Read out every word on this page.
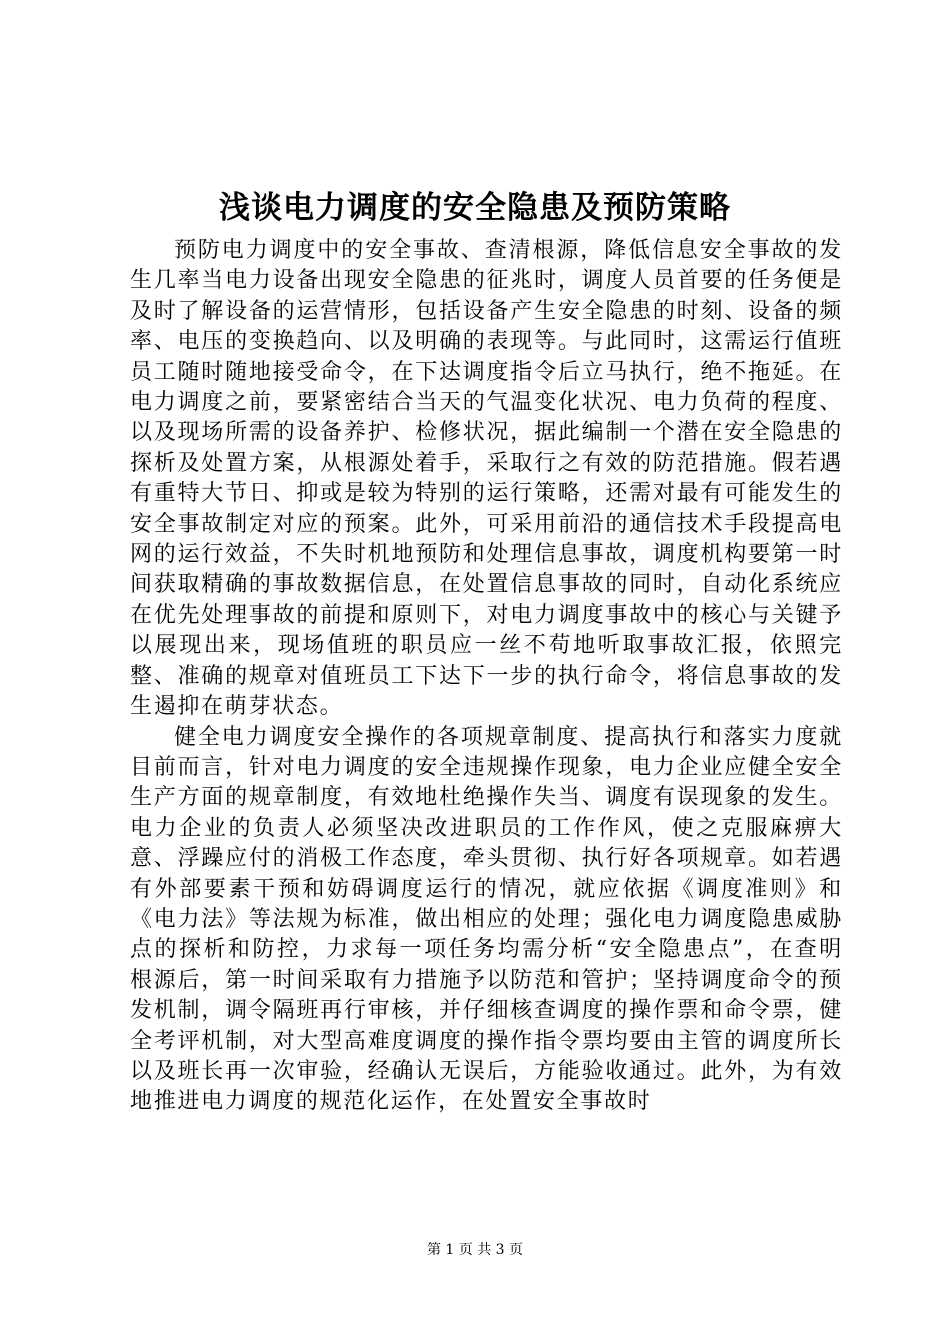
浅谈电力调度的安全隐患及预防策略

预防电力调度中的安全事故、查清根源，降低信息安全事故的发生几率当电力设备出现安全隐患的征兆时，调度人员首要的任务便是及时了解设备的运营情形，包括设备产生安全隐患的时刻、设备的频率、电压的变换趋向、以及明确的表现等。与此同时，这需运行值班员工随时随地接受命令，在下达调度指令后立马执行，绝不拖延。在电力调度之前，要紧密结合当天的气温变化状况、电力负荷的程度、以及现场所需的设备养护、检修状况，据此编制一个潜在安全隐患的探析及处置方案，从根源处着手，采取行之有效的防范措施。假若遇有重特大节日、抑或是较为特别的运行策略，还需对最有可能发生的安全事故制定对应的预案。此外，可采用前沿的通信技术手段提高电网的运行效益，不失时机地预防和处理信息事故，调度机构要第一时间获取精确的事故数据信息，在处置信息事故的同时，自动化系统应在优先处理事故的前提和原则下，对电力调度事故中的核心与关键予以展现出来，现场值班的职员应一丝不苟地听取事故汇报，依照完整、准确的规章对值班员工下达下一步的执行命令，将信息事故的发生遏抑在萌芽状态。

健全电力调度安全操作的各项规章制度、提高执行和落实力度就目前而言，针对电力调度的安全违规操作现象，电力企业应健全安全生产方面的规章制度，有效地杜绝操作失当、调度有误现象的发生。电力企业的负责人必须坚决改进职员的工作作风，使之克服麻痹大意、浮躁应付的消极工作态度，牵头贯彻、执行好各项规章。如若遇有外部要素干预和妨碍调度运行的情况，就应依据《调度准则》和《电力法》等法规为标准，做出相应的处理；强化电力调度隐患威胁点的探析和防控，力求每一项任务均需分析“安全隐患点”，在查明根源后，第一时间采取有力措施予以防范和管护；坚持调度命令的预发机制，调令隔班再行审核，并仔细核查调度的操作票和命令票，健全考评机制，对大型高难度调度的操作指令票均要由主管的调度所长以及班长再一次审验，经确认无误后，方能验收通过。此外，为有效地推进电力调度的规范化运作，在处置安全事故时

第 1 页 共 3 页
